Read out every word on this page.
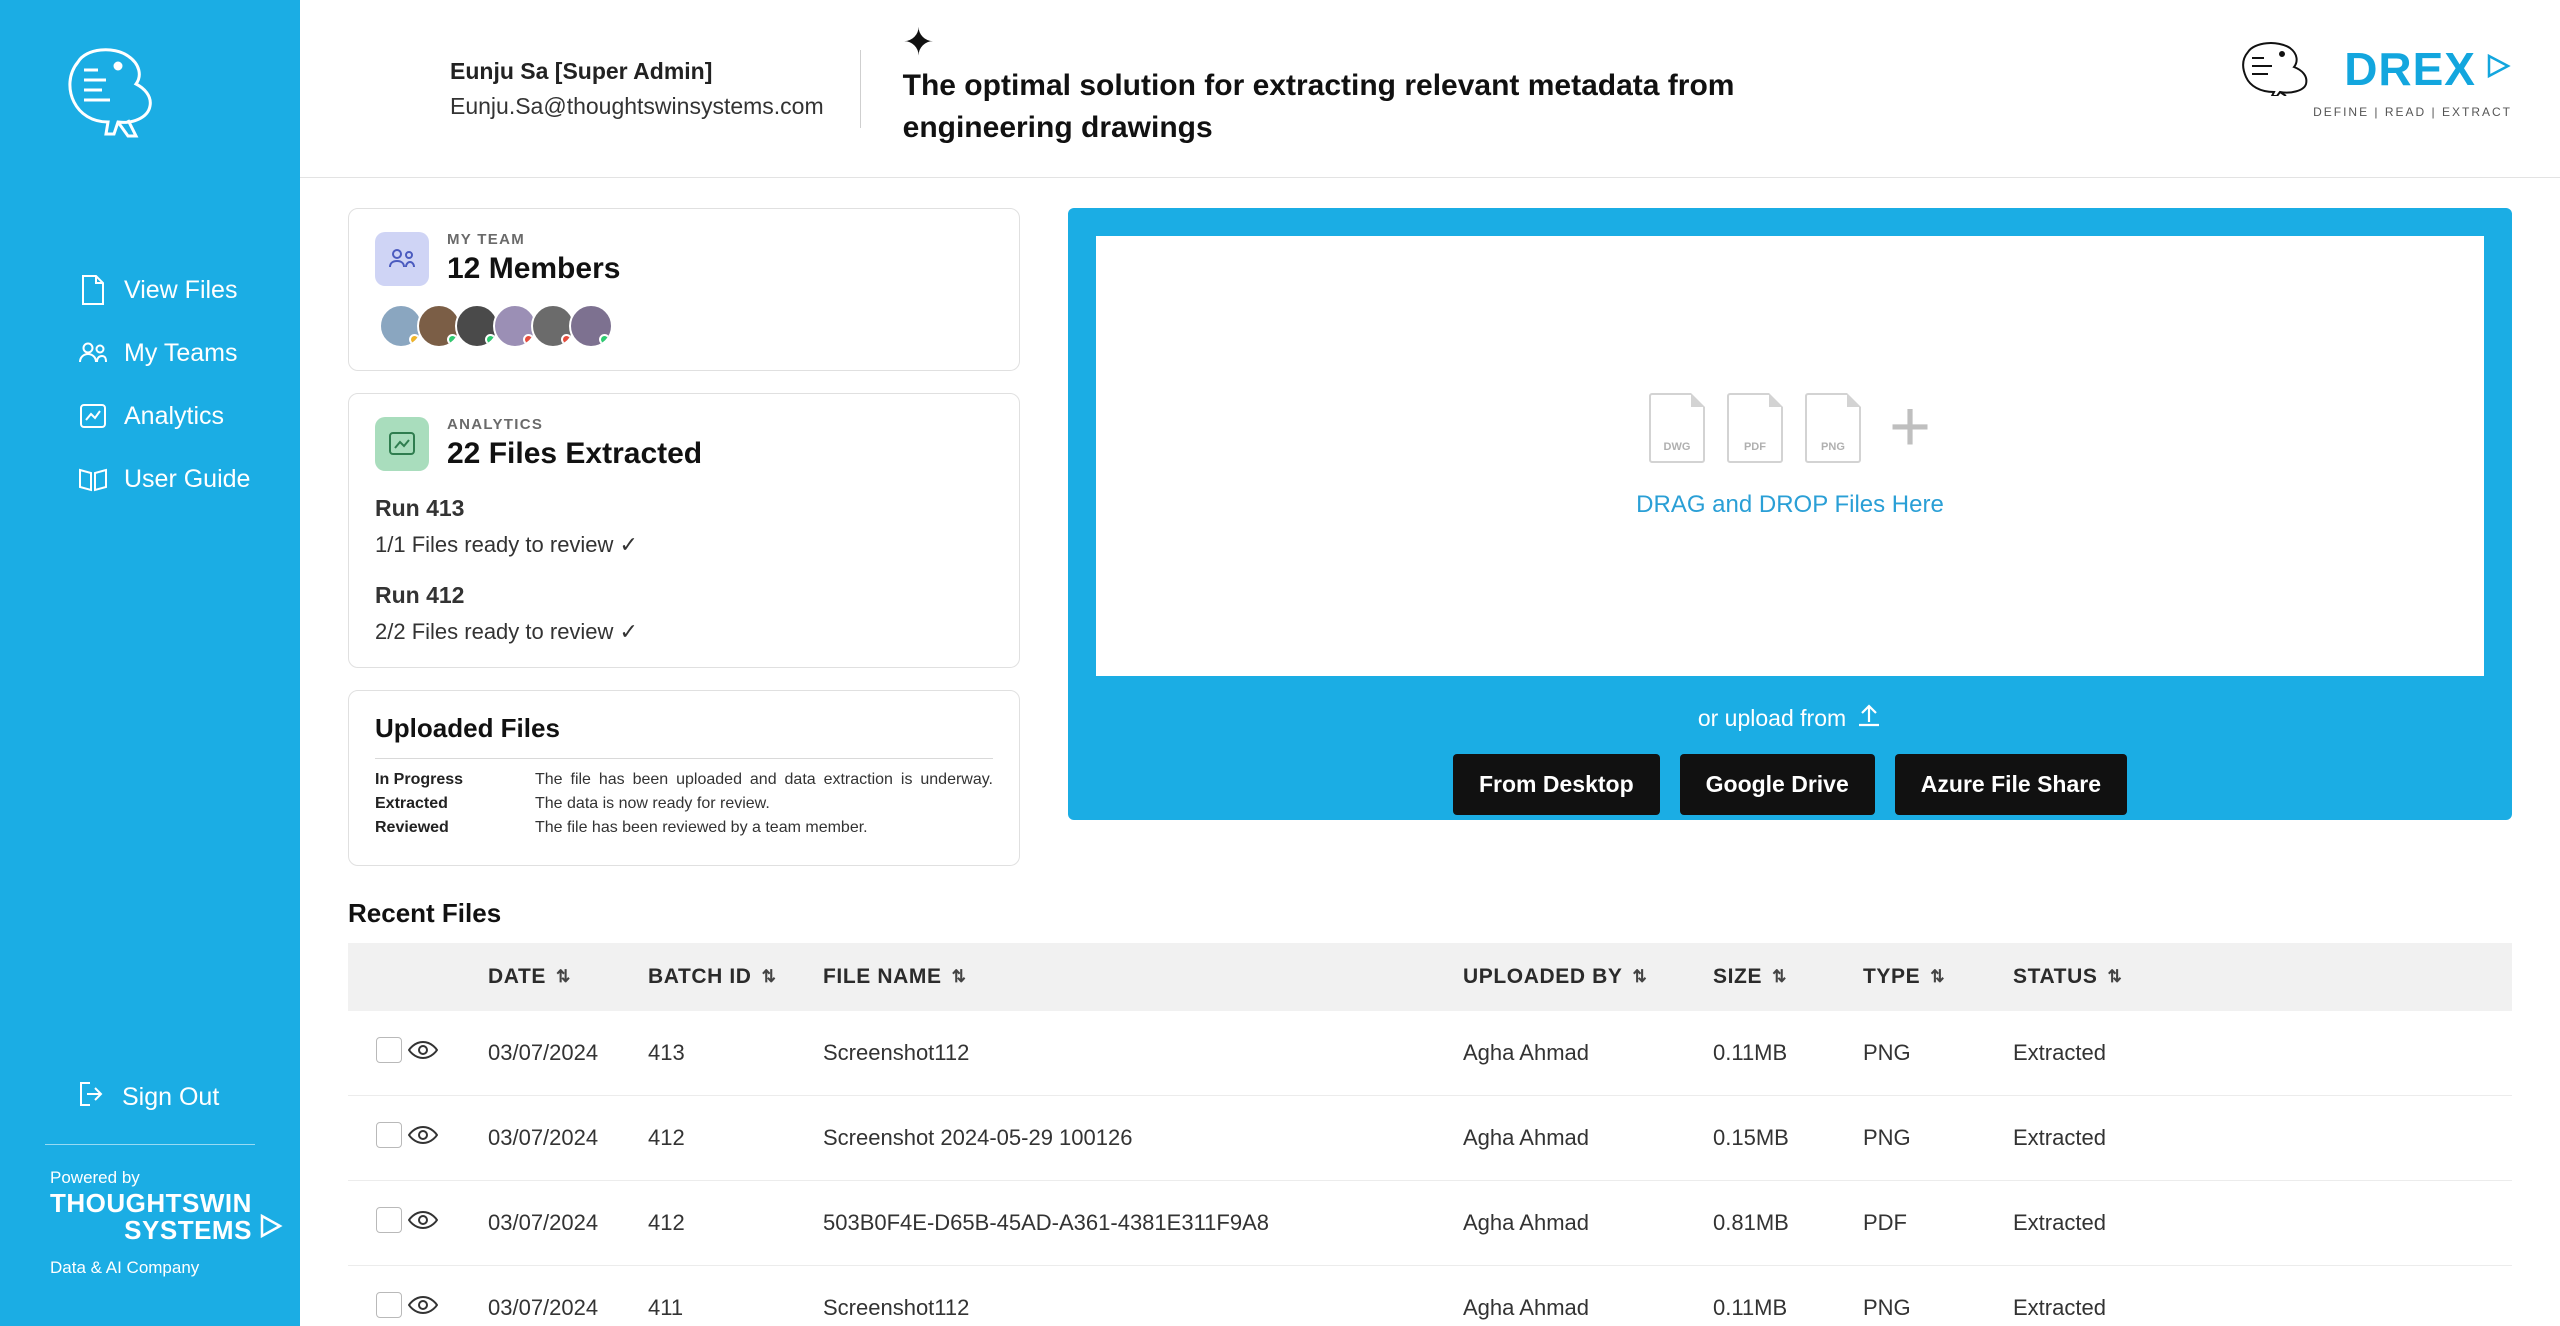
View Files
My Teams
Analytics
User Guide
Sign Out
Powered by
THOUGHTSWIN
SYSTEMS
Data & AI Company
Eunju Sa [Super Admin]
Eunju.Sa@thoughtswinsystems.com
✦
The optimal solution for extracting relevant metadata from engineering drawings
DREX
DEFINE | READ | EXTRACT
MY TEAM
12 Members
ANALYTICS
22 Files Extracted
Run 413
1/1 Files ready to review ✓
Run 412
2/2 Files ready to review ✓
Uploaded Files
In Progress	The file has been uploaded and data extraction is underway.
Extracted	The data is now ready for review.
Reviewed	The file has been reviewed by a team member.
DWG	PDF	PNG +
DRAG and DROP Files Here
or upload from
From Desktop	Google Drive	Azure File Share
Recent Files

		DATE ⇅	BATCH ID ⇅	FILE NAME ⇅	UPLOADED BY ⇅	SIZE ⇅	TYPE ⇅	STATUS ⇅

		03/07/2024	413	Screenshot112	Agha Ahmad	0.11MB	PNG	Extracted
		03/07/2024	412	Screenshot 2024-05-29 100126	Agha Ahmad	0.15MB	PNG	Extracted
		03/07/2024	412	503B0F4E-D65B-45AD-A361-4381E311F9A8	Agha Ahmad	0.81MB	PDF	Extracted
		03/07/2024	411	Screenshot112	Agha Ahmad	0.11MB	PNG	Extracted
